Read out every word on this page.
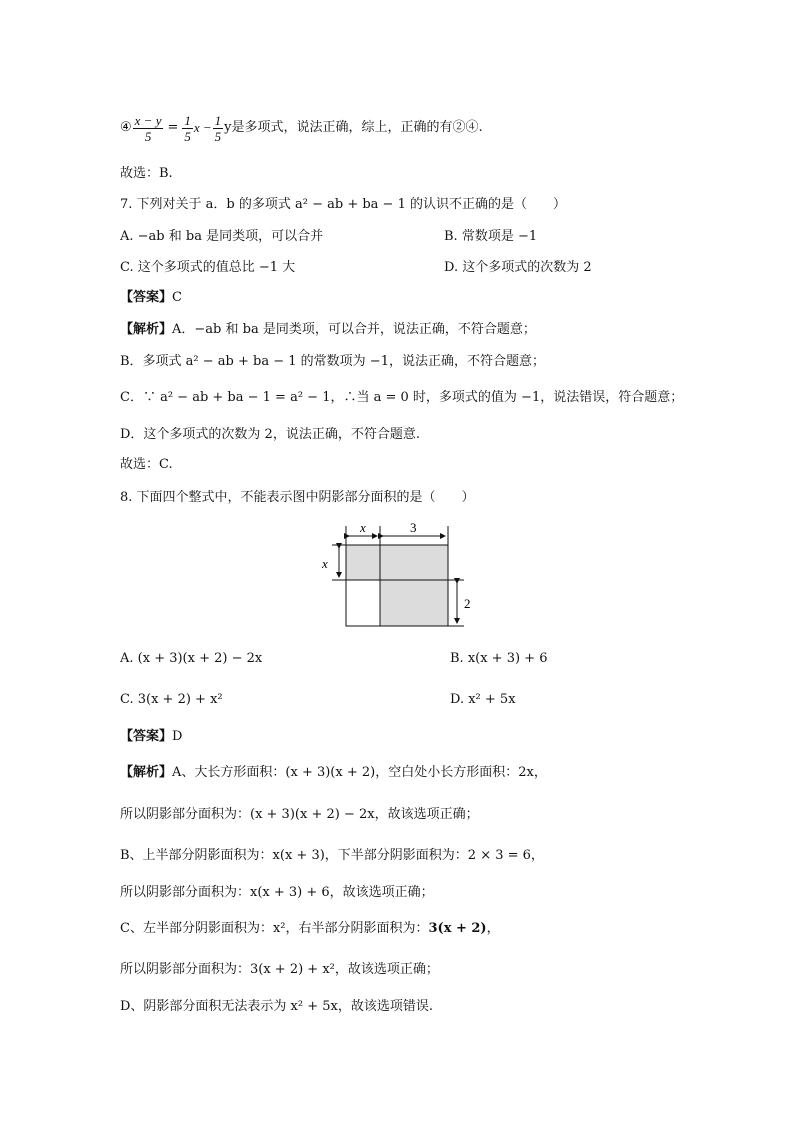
④ $\frac{x - y}{5} = \frac{1}{5}$ $x - \frac{1}{5}$ y是多项式，说法正确，综上，正确的有②④.
故选：B.
7. 下列对关于 a．b 的多项式 a² − ab + ba − 1 的认识不正确的是（　　）
A. −ab 和 ba 是同类项，可以合并	B. 常数项是 −1
C. 这个多项式的值总比 −1 大	D. 这个多项式的次数为 2
【答案】C
【解析】A．−ab 和 ba 是同类项，可以合并，说法正确，不符合题意；
B．多项式 a² − ab + ba − 1 的常数项为 −1，说法正确，不符合题意；
C．∵ a² − ab + ba − 1 = a² − 1，∴当 a = 0 时，多项式的值为 −1，说法错误，符合题意；
D．这个多项式的次数为 2，说法正确，不符合题意.
故选：C.
8. 下面四个整式中，不能表示图中阴影部分面积的是（　　）
x	3
x
2
A. (x + 3)(x + 2) − 2x	B. x(x + 3) + 6
C. 3(x + 2) + x²	D. x² + 5x
【答案】D
【解析】A、大长方形面积：(x + 3)(x + 2)，空白处小长方形面积：2x，
所以阴影部分面积为：(x + 3)(x + 2) − 2x，故该选项正确；
B、上半部分阴影面积为：x(x + 3)，下半部分阴影面积为：2 × 3 = 6，
所以阴影部分面积为：x(x + 3) + 6，故该选项正确；
C、左半部分阴影面积为：x²，右半部分阴影面积为：3(x + 2)，
所以阴影部分面积为：3(x + 2) + x²，故该选项正确；
D、阴影部分面积无法表示为 x² + 5x，故该选项错误.
